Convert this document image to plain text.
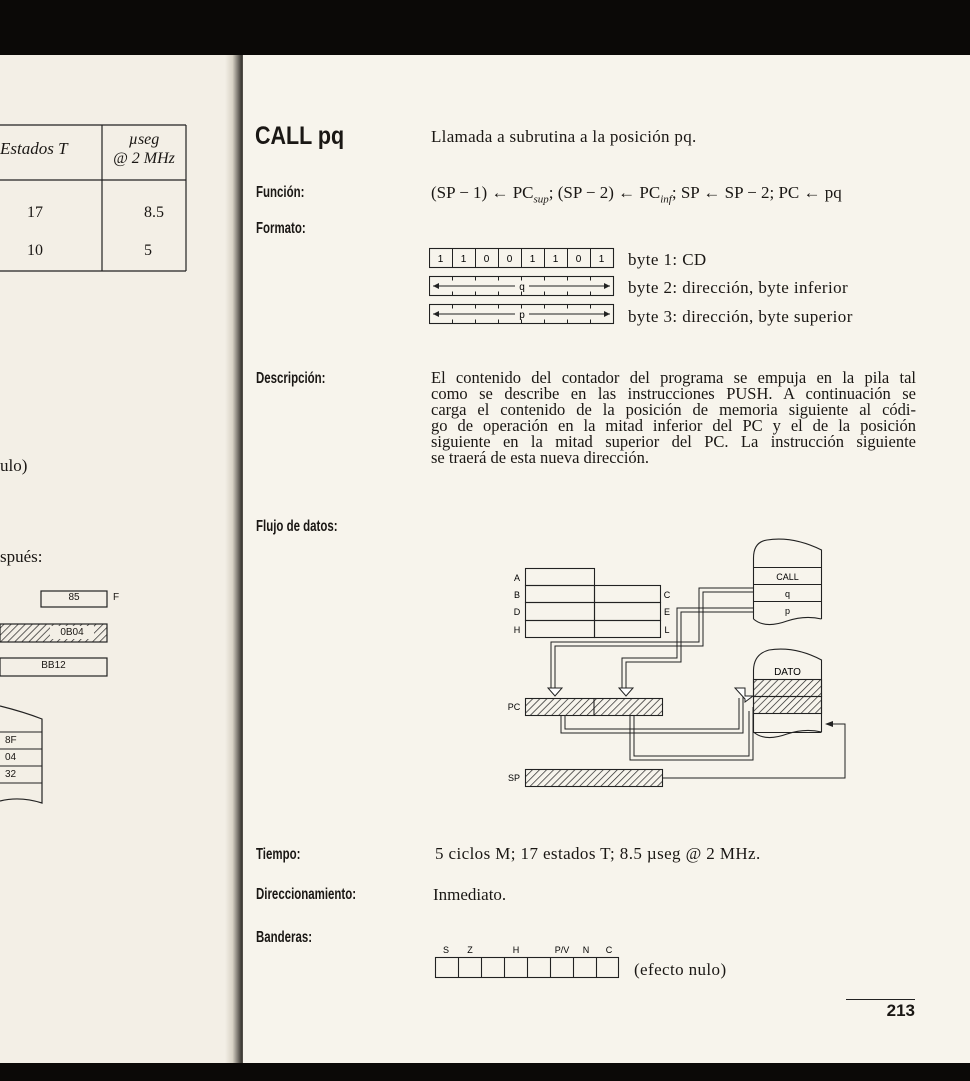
Estados T	µseg
@ 2 MHz
17	8.5
10	5
ulo)
spués:
85	F
0B04
BB12
8F
04
32
CALL pq	Llamada a subrutina a la posición pq.
Función:	(SP − 1) ← $PC_{sup}$; (SP − 2) ← $PC_{inf}$; SP ← SP − 2; PC ← pq
Formato:
1 1 0 0 1 1 0 1
q
p
byte 1: CD
byte 2: dirección, byte inferior
byte 3: dirección, byte superior
Descripción:	El contenido del contador del programa se empuja en la pila tal
como se describe en las instrucciones PUSH. A continuación se
carga el contenido de la posición de memoria siguiente al códi-
go de operación en la mitad inferior del PC y el de la posición
siguiente en la mitad superior del PC. La instrucción siguiente
se traerá de esta nueva dirección.
Flujo de datos:
A
B
D
H
C
E
L
PC
SP
CALL
q
p
DATO
Tiempo:	5 ciclos M; 17 estados T; 8.5 µseg @ 2 MHz.
Direccionamiento:	Inmediato.
Banderas:
S Z	H	P/V N C
(efecto nulo)
213
